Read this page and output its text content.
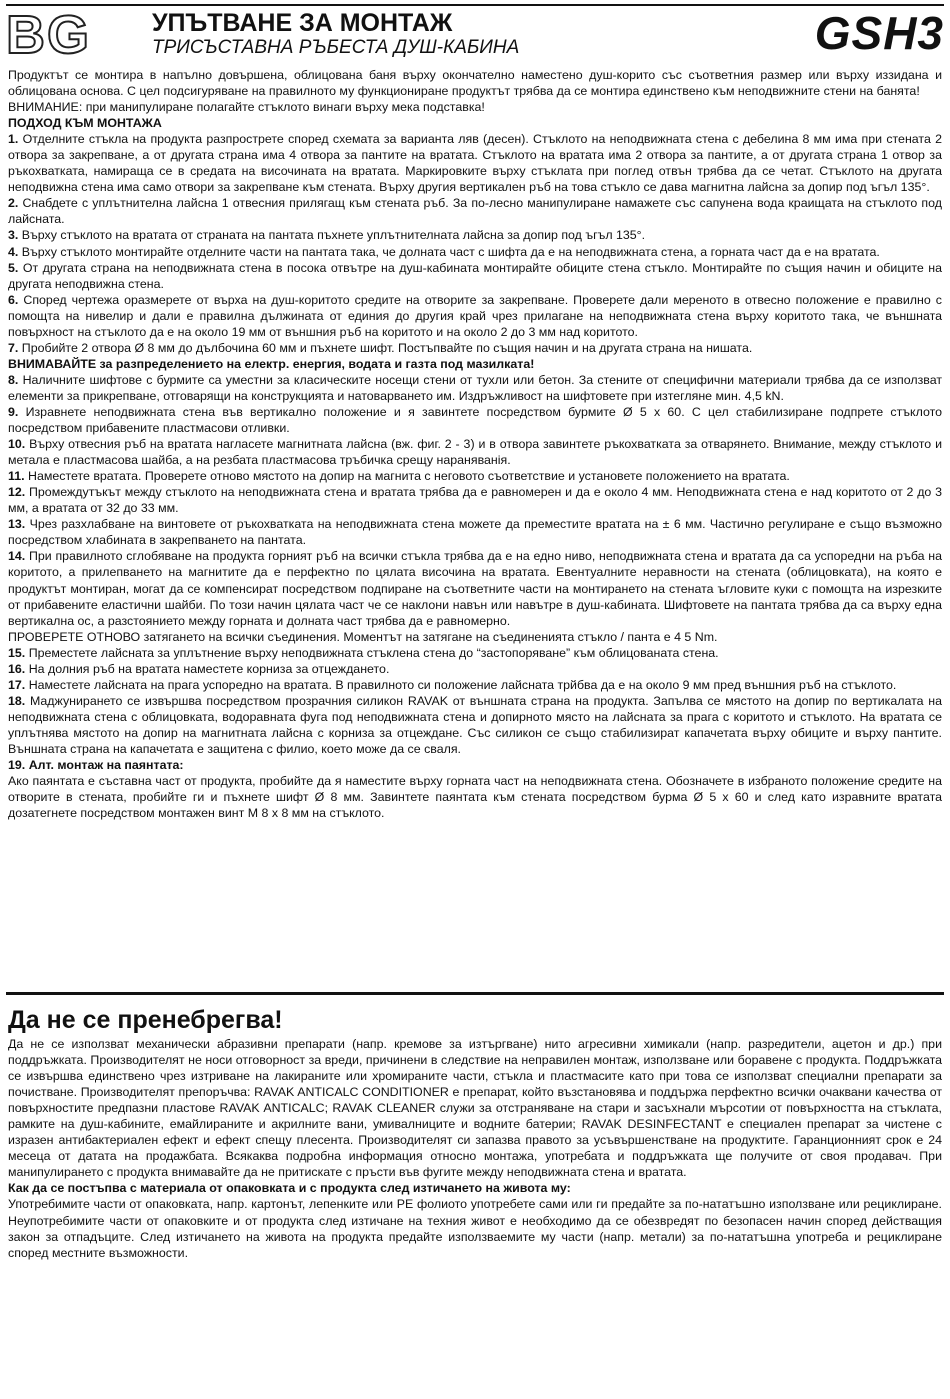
BG УПЪТВАНЕ ЗА МОНТАЖ
ТРИСЪСТАВНА РЪБЕСТА ДУШ-КАБИНА	GSH3

Продуктът се монтира в напълно довършена, облицована баня върху окончателно наместено душ-корито със съответния размер или върху иззидана и облицована основа. С цел подсигуряване на правилното му функциониране продуктът трябва да се монтира единствено към неподвижните стени на банята!

ВНИМАНИЕ: при манипулиране полагайте стъклото винаги върху мека подставка!

ПОДХОД КЪМ МОНТАЖА

1. Отделните стъкла на продукта разпрострете според схемата за варианта ляв (десен). Стъклото на неподвижната стена с дебелина 8 мм има при стената 2 отвора за закрепване, а от другата страна има 4 отвора за пантите на вратата. Стъклото на вратата има 2 отвора за пантите, а от другата страна 1 отвор за ръкохватката, намираща се в средата на височината на вратата. Маркировките върху стъклата при поглед отвън трябва да се четат. Стъклото на другата неподвижна стена има само отвори за закрепване към стената. Върху другия вертикален ръб на това стъкло се дава магнитна лайсна за допир под ъгъл 135°.

2. Снабдете с уплътнителна лайсна 1 отвесния прилягащ към стената ръб. За по-лесно манипулиране намажете със сапунена вода краищата на стъклото под лайсната.

3. Върху стъклото на вратата от страната на пантата пъхнете уплътнителната лайсна за допир под ъгъл 135°.

4. Върху стъклото монтирайте отделните части на пантата така, че долната част с шифта да е на неподвижната стена, а горната част да е на вратата.

5. От другата страна на неподвижната стена в посока отвътре на душ-кабината монтирайте обиците стена стъкло. Монтирайте по същия начин и обиците на другата неподвижна стена.

6. Според чертежа оразмерете от върха на душ-коритото средите на отворите за закрепване. Проверете дали мереното в отвесно положение е правилно с помощта на нивелир и дали е правилна дължината от единия до другия край чрез прилагане на неподвижната стена върху коритото така, че външната повърхност на стъклото да е на около 19 мм от външния ръб на коритото и на около 2 до 3 мм над коритото.

7. Пробийте 2 отвора Ø 8 мм до дълбочина 60 мм и пъхнете шифт. Постъпвайте по същия начин и на другата страна на нишата.

ВНИМАВАЙТЕ за разпределението на електр. енергия, водата и газта под мазилката!

8. Наличните шифтове с бурмите са уместни за класическите носещи стени от тухли или бетон. За стените от специфични материали трябва да се използват елементи за прикрепване, отговарящи на конструкцията и натоварването им. Издръжливост на шифтовете при изтегляне мин. 4,5 kN.

9. Изравнете неподвижната стена във вертикално положение и я завинтете посредством бурмите Ø 5 x 60. С цел стабилизиране подпрете стъклото посредством прибавените пластмасови отливки.

10. Върху отвесния ръб на вратата нагласете магнитната лайсна (вж. фиг. 2 - 3) и в отвора завинтете ръкохватката за отварянето. Внимание, между стъклото и метала е пластмасова шайба, а на резбата пластмасова тръбичка срещу нараняванія.

11. Наместете вратата. Проверете отново мястото на допир на магнита с неговото съответствие и установете положението на вратата.

12. Промеждутъкът между стъклото на неподвижната стена и вратата трябва да е равномерен и да е около 4 мм. Неподвижната стена е над коритото от 2 до 3 мм, а вратата от 32 до 33 мм.

13. Чрез разхлабване на винтовете от ръкохватката на неподвижната стена можете да преместите вратата на ± 6 мм. Частично регулиране е също възможно посредством хлабината в закрепването на пантата.

14. При правилното сглобяване на продукта горният ръб на всички стъкла трябва да е на едно ниво, неподвижната стена и вратата да са успоредни на ръба на коритото, а прилепването на магнитите да е перфектно по цялата височина на вратата. Евентуалните неравности на стената (облицовката), на която е продуктът монтиран, могат да се компенсират посредством подпиране на съответните части на монтирането на стената ъгловите куки с помощта на изрезките от прибавените еластични шайби. По този начин цялата част че се наклони навън или навътре в душ-кабината. Шифтовете на пантата трябва да са върху една вертикална ос, а разстоянието между горната и долната част трябва да е равномерно.

ПРОВЕРЕТЕ ОТНОВО затягането на всички съединения. Моментът на затягане на съединенията стъкло / панта е 4 5 Nm.

15. Преместете лайсната за уплътнение върху неподвижната стъклена стена до “застопоряване” към облицованата стена.

16. На долния ръб на вратата наместете корниза за отцеждането.

17. Наместете лайсната на прага успоредно на вратата. В правилното си положение лайсната трйбва да е на около 9 мм пред външния ръб на стъклото.

18. Маджунирането се извършва посредством прозрачния силикон RAVAK от външната страна на продукта. Запълва се мястото на допир по вертикалата на неподвижната стена с облицовката, водоравната фуга под неподвижната стена и допирното място на лайсната за прага с коритото и стъклото. На вратата се уплътнява мястото на допир на магнитната лайсна с корниза за отцеждане. Със силикон се също стабилизират капачетата върху обиците и върху пантите. Външната страна на капачетата е защитена с филио, което може да се сваля.

19. Алт. монтаж на паянтата:

Ако паянтата е съставна част от продукта, пробийте да я наместите върху горната част на неподвижната стена. Обозначете в избраното положение средите на отворите в стената, пробийте ги и пъхнете шифт Ø 8 мм. Завинтете паянтата към стената посредством бурма Ø 5 x 60 и след като изравните вратата дозатегнете посредством монтажен винт M 8 x 8 мм на стъклото.

Да не се пренебрегва!

Да не се използват механически абразивни препарати (напр. кремове за изтъргване) нито агресивни химикали (напр. разредители, ацетон и др.) при поддръжката. Производителят не носи отговорност за вреди, причинени в следствие на неправилен монтаж, използване или боравене с продукта. Поддръжката се извършва единствено чрез изтриване на лакираните или хромираните части, стъкла и пластмасите като при това се използват специални препарати за почистване. Производителят препоръчва: RAVAK ANTICALC CONDITIONER е препарат, който възстановява и поддържа перфектно всички очаквани качества от повърхностите предпазни пластове RAVAK ANTICALC; RAVAK CLEANER служи за отстраняване на стари и засъхнали мърсотии от повърхността на стъклата, рамките на душ-кабините, емайлираните и акрилните вани, умивалниците и водните батерии; RAVAK DESINFECTANT е специален препарат за чистене с изразен антибактериален ефект и ефект спещу плесента. Производителят си запазва правото за усъвършенстване на продуктите. Гаранционният срок е 24 месеца от датата на продажбата. Всякаква подробна информация относно монтажа, употребата и поддръжката ще получите от своя продавач. При манипулирането с продукта внимавайте да не притискате с пръсти във фугите между неподвижната стена и вратата.

Как да се постъпва с материала от опаковката и с продукта след изтичането на живота му:

Употребимите части от опаковката, напр. картонът, лепенките или PE фолиото употребете сами или ги предайте за по-нататъшно използване или рециклиране. Неупотребимите части от опаковките и от продукта след изтичане на техния живот е необходимо да се обезвредят по безопасен начин според действащия закон за отпадъците. След изтичането на живота на продукта предайте използваемите му части (напр. метали) за по-нататъшна употреба и рециклиране според местните възможности.
